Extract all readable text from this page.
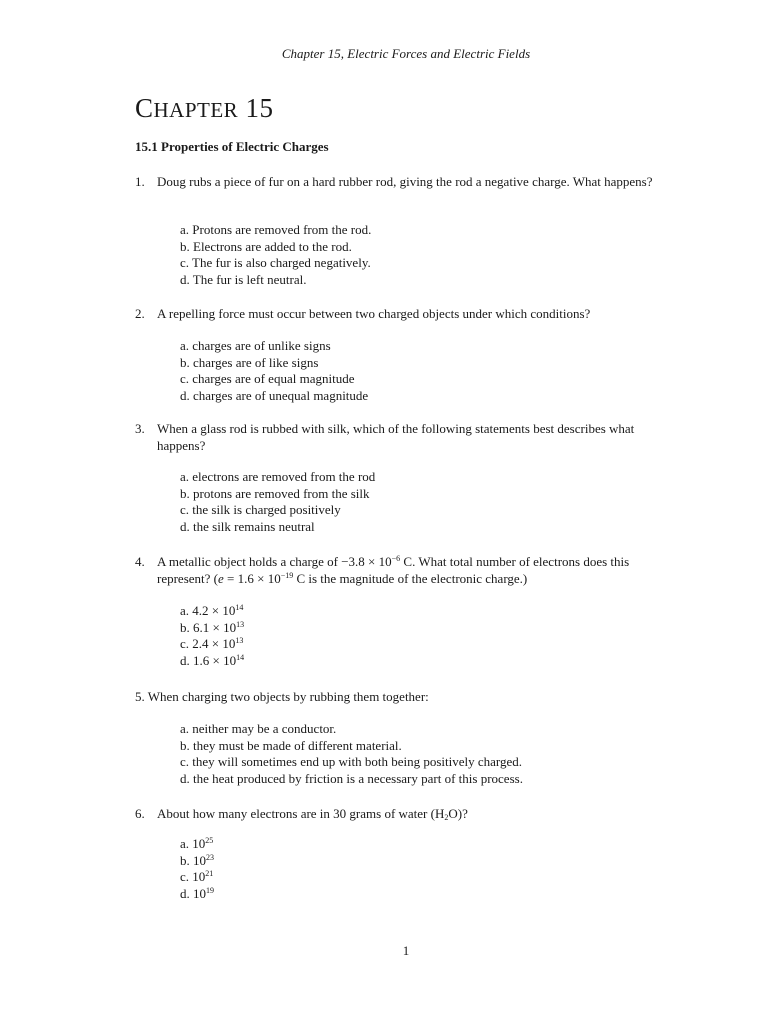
Chapter 15, Electric Forces and Electric Fields
CHAPTER 15
15.1 Properties of Electric Charges
1. Doug rubs a piece of fur on a hard rubber rod, giving the rod a negative charge. What happens?
a. Protons are removed from the rod.
b. Electrons are added to the rod.
c. The fur is also charged negatively.
d. The fur is left neutral.
2. A repelling force must occur between two charged objects under which conditions?
a. charges are of unlike signs
b. charges are of like signs
c. charges are of equal magnitude
d. charges are of unequal magnitude
3. When a glass rod is rubbed with silk, which of the following statements best describes what happens?
a. electrons are removed from the rod
b. protons are removed from the silk
c. the silk is charged positively
d. the silk remains neutral
4. A metallic object holds a charge of $-3.8 \times 10^{-6}$ C. What total number of electrons does this represent? ($e = 1.6 \times 10^{-19}$ C is the magnitude of the electronic charge.)
a. $4.2 \times 10^{14}$
b. $6.1 \times 10^{13}$
c. $2.4 \times 10^{13}$
d. $1.6 \times 10^{14}$
5. When charging two objects by rubbing them together:
a. neither may be a conductor.
b. they must be made of different material.
c. they will sometimes end up with both being positively charged.
d. the heat produced by friction is a necessary part of this process.
6. About how many electrons are in 30 grams of water $(H_2O)$?
a. $10^{25}$
b. $10^{23}$
c. $10^{21}$
d. $10^{19}$
1
